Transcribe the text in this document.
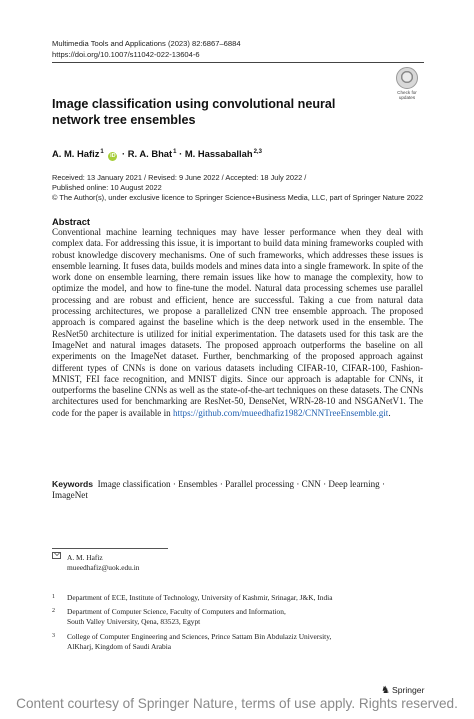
Multimedia Tools and Applications (2023) 82:6867–6884
https://doi.org/10.1007/s11042-022-13604-6
Check for
updates
Image classification using convolutional neural network tree ensembles
A. M. Hafiz$^1$ iD · R. A. Bhat$^1$ · M. Hassaballah$^{2,3}$
Received: 13 January 2021 / Revised: 9 June 2022 / Accepted: 18 July 2022 /
Published online: 10 August 2022
© The Author(s), under exclusive licence to Springer Science+Business Media, LLC, part of Springer Nature 2022
Abstract
Conventional machine learning techniques may have lesser performance when they deal with complex data. For addressing this issue, it is important to build data mining frameworks coupled with robust knowledge discovery mechanisms. One of such frameworks, which addresses these issues is ensemble learning. It fuses data, builds models and mines data into a single framework. In spite of the work done on ensemble learning, there remain issues like how to manage the complexity, how to optimize the model, and how to fine-tune the model. Natural data processing schemes use parallel processing and are robust and efficient, hence are successful. Taking a cue from natural data processing architectures, we propose a parallelized CNN tree ensemble approach. The proposed approach is compared against the baseline which is the deep network used in the ensemble. The ResNet50 architecture is utilized for initial experimentation. The datasets used for this task are the ImageNet and natural images datasets. The proposed approach outperforms the baseline on all experiments on the ImageNet dataset. Further, benchmarking of the proposed approach against different types of CNNs is done on various datasets including CIFAR-10, CIFAR-100, Fashion-MNIST, FEI face recognition, and MNIST digits. Since our approach is adaptable for CNNs, it outperforms the baseline CNNs as well as the state-of-the-art techniques on these datasets. The CNNs architectures used for benchmarking are ResNet-50, DenseNet, WRN-28-10 and NSGANetV1. The code for the paper is available in https://github.com/mueedhafiz1982/CNNTreeEnsemble.git.
Keywords Image classification · Ensembles · Parallel processing · CNN · Deep learning · ImageNet
A. M. Hafiz
mueedhafiz@uok.edu.in
1 Department of ECE, Institute of Technology, University of Kashmir, Srinagar, J&K, India
2 Department of Computer Science, Faculty of Computers and Information,
South Valley University, Qena, 83523, Egypt
3 College of Computer Engineering and Sciences, Prince Sattam Bin Abdulaziz University,
AlKharj, Kingdom of Saudi Arabia
♞ Springer
Content courtesy of Springer Nature, terms of use apply. Rights reserved.
